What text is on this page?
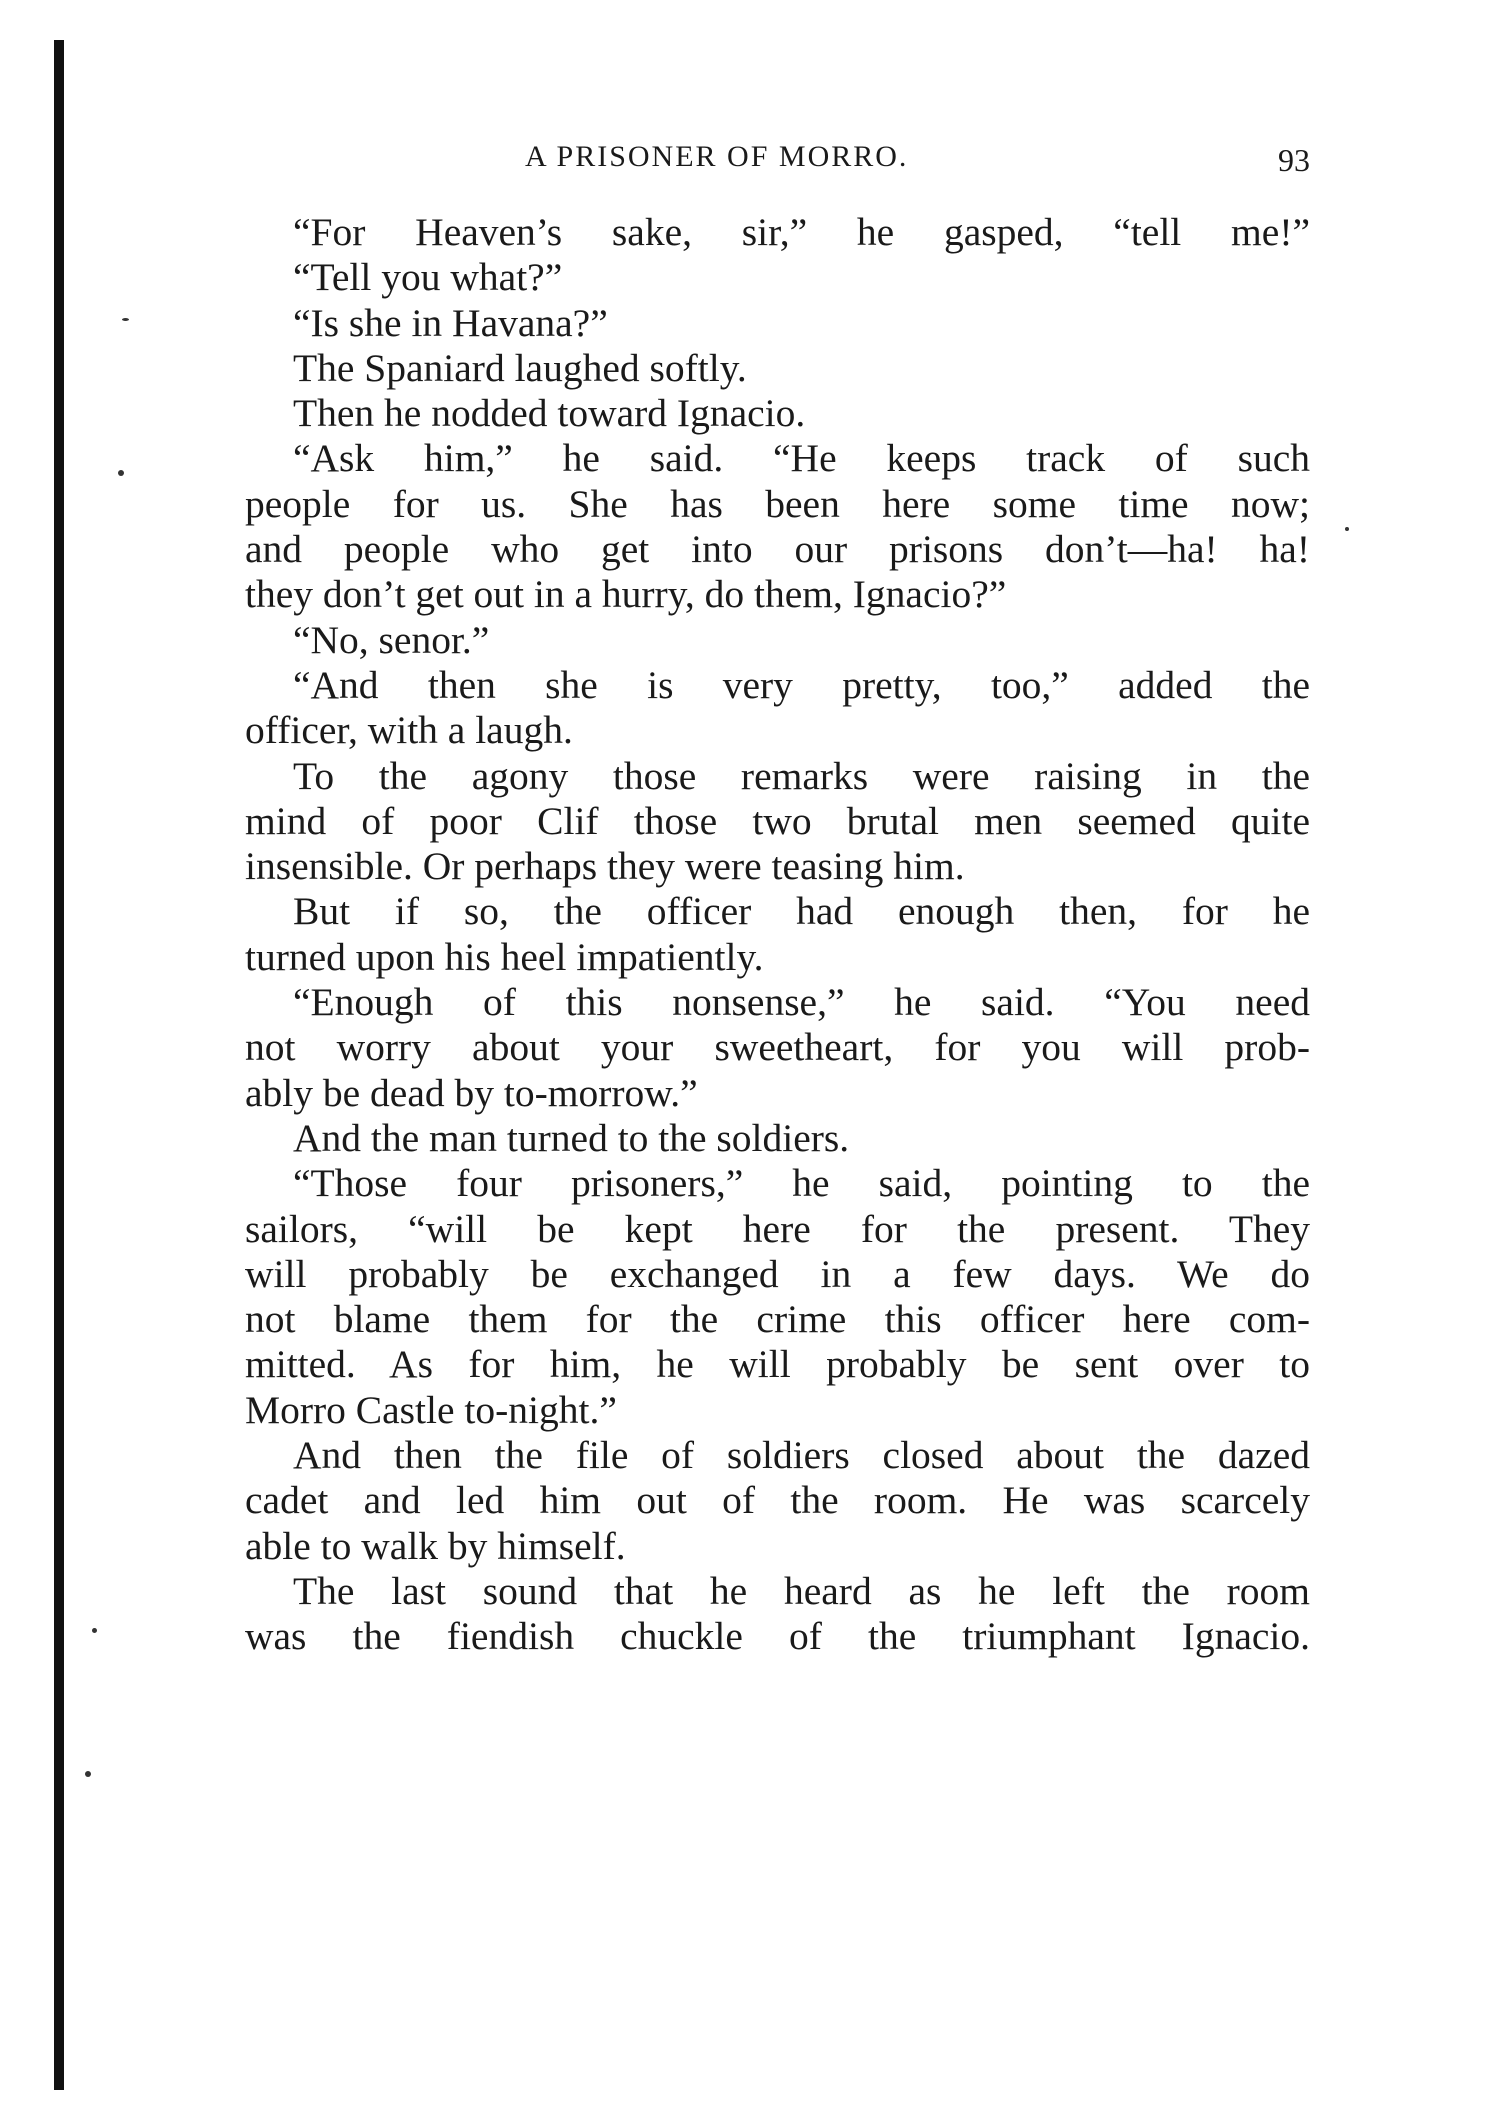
A PRISONER OF MORRO.	93
“For Heaven’s sake, sir,” he gasped, “tell me!”
“Tell you what?”
“Is she in Havana?”
The Spaniard laughed softly.
Then he nodded toward Ignacio.
“Ask him,” he said. “He keeps track of such
people for us. She has been here some time now;
and people who get into our prisons don’t—ha! ha!
they don’t get out in a hurry, do them, Ignacio?”
“No, senor.”
“And then she is very pretty, too,” added the
officer, with a laugh.
To the agony those remarks were raising in the
mind of poor Clif those two brutal men seemed quite
insensible. Or perhaps they were teasing him.
But if so, the officer had enough then, for he
turned upon his heel impatiently.
“Enough of this nonsense,” he said. “You need
not worry about your sweetheart, for you will prob-
ably be dead by to-morrow.”
And the man turned to the soldiers.
“Those four prisoners,” he said, pointing to the
sailors, “will be kept here for the present. They
will probably be exchanged in a few days. We do
not blame them for the crime this officer here com-
mitted. As for him, he will probably be sent over to
Morro Castle to-night.”
And then the file of soldiers closed about the dazed
cadet and led him out of the room. He was scarcely
able to walk by himself.
The last sound that he heard as he left the room
was the fiendish chuckle of the triumphant Ignacio.
